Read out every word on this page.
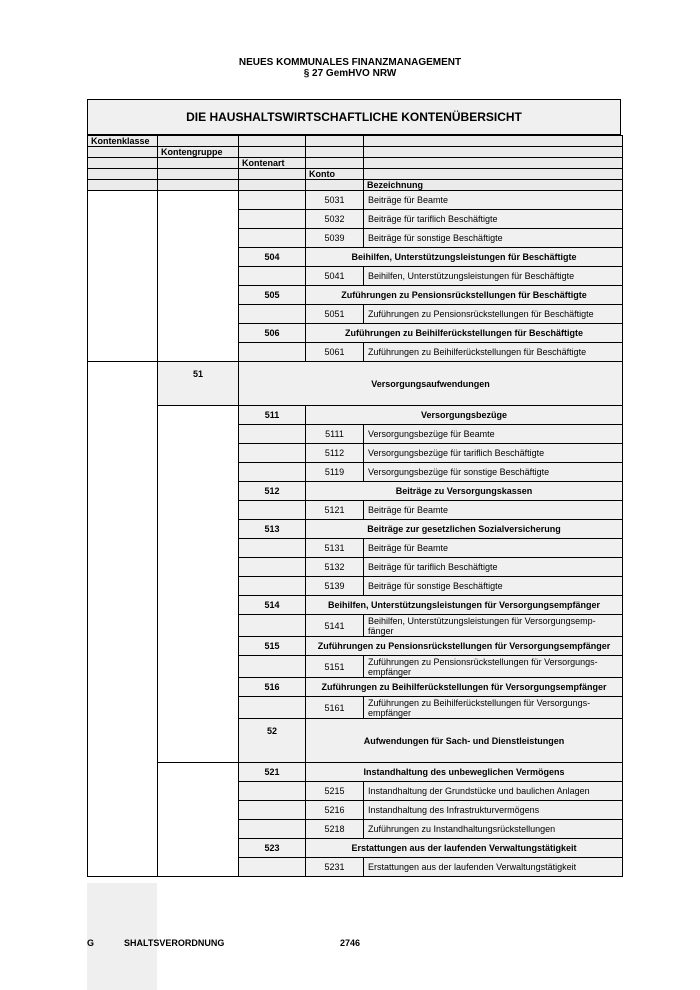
NEUES KOMMUNALES FINANZMANAGEMENT
§ 27 GemHVO NRW
DIE HAUSHALTSWIRTSCHAFTLICHE KONTENÜBERSICHT
Kontenklasse				
	Kontengruppe			
		Kontenart		
			Konto	
				Bezeichnung
			5031	Beiträge für Beamte
			5032	Beiträge für tariflich Beschäftigte
			5039	Beiträge für sonstige Beschäftigte
		504	Beihilfen, Unterstützungsleistungen für Beschäftigte	
			5041	Beihilfen, Unterstützungsleistungen für Beschäftigte
		505	Zuführungen zu Pensionsrückstellungen für Beschäftigte	
			5051	Zuführungen zu Pensionsrückstellungen für Beschäftigte
		506	Zuführungen zu Beihilferückstellungen für Beschäftigte	
			5061	Zuführungen zu Beihilferückstellungen für Beschäftigte
	51	Versorgungsaufwendungen		
		511	Versorgungsbezüge	
			5111	Versorgungsbezüge für Beamte
			5112	Versorgungsbezüge für tariflich Beschäftigte
			5119	Versorgungsbezüge für sonstige Beschäftigte
		512	Beiträge zu Versorgungskassen	
			5121	Beiträge für Beamte
		513	Beiträge zur gesetzlichen Sozialversicherung	
			5131	Beiträge für Beamte
			5132	Beiträge für tariflich Beschäftigte
			5139	Beiträge für sonstige Beschäftigte
		514	Beihilfen, Unterstützungsleistungen für Versorgungsempfänger	
			5141	Beihilfen, Unterstützungsleistungen für Versorgungsemp-fänger
		515	Zuführungen zu Pensionsrückstellungen für Versorgungsempfänger	
			5151	Zuführungen zu Pensionsrückstellungen für Versorgungs-empfänger
		516	Zuführungen zu Beihilferückstellungen für Versorgungsempfänger	
			5161	Zuführungen zu Beihilferückstellungen für Versorgungs-empfänger
		52	Aufwendungen für Sach- und Dienstleistungen	
		521	Instandhaltung des unbeweglichen Vermögens	
			5215	Instandhaltung der Grundstücke und baulichen Anlagen
			5216	Instandhaltung des Infrastrukturvermögens
			5218	Zuführungen zu Instandhaltungsrückstellungen
		523	Erstattungen aus der laufenden Verwaltungstätigkeit	
			5231	Erstattungen aus der laufenden Verwaltungstätigkeit
G            SHALTSVERORDNUNG	2746
